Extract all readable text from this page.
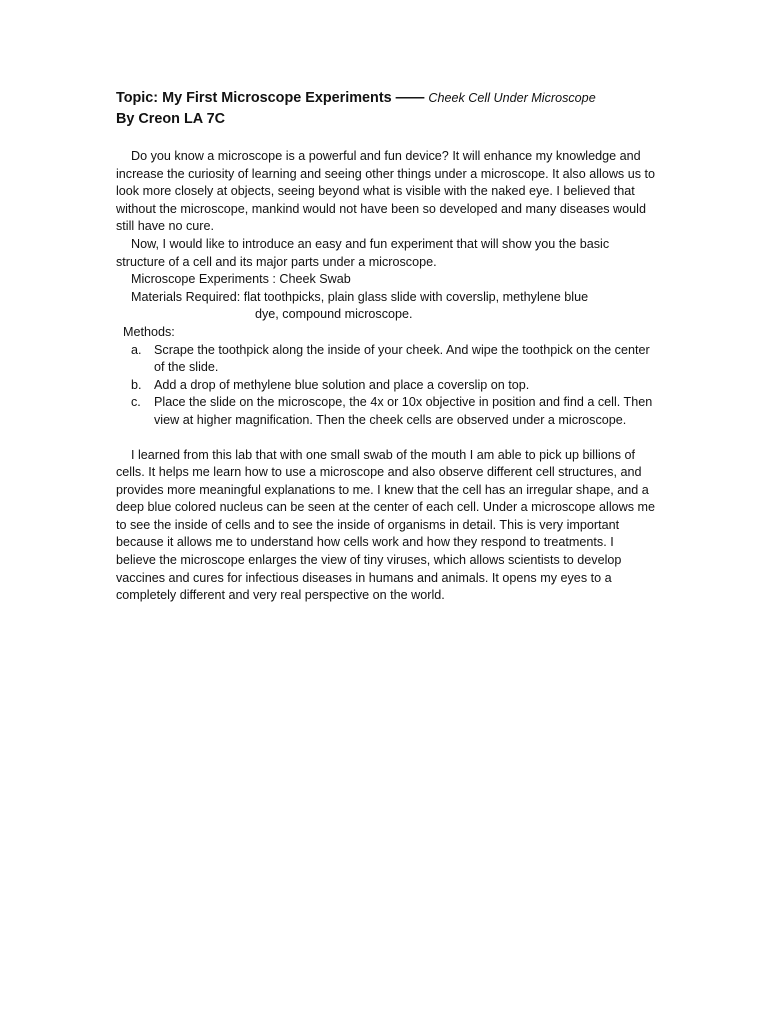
Topic: My First Microscope Experiments —— Cheek Cell Under Microscope
By Creon LA 7C

Do you know a microscope is a powerful and fun device? It will enhance my knowledge and increase the curiosity of learning and seeing other things under a microscope. It also allows us to look more closely at objects, seeing beyond what is visible with the naked eye. I believed that without the microscope, mankind would not have been so developed and many diseases would still have no cure.

Now, I would like to introduce an easy and fun experiment that will show you the basic structure of a cell and its major parts under a microscope.

Microscope Experiments : Cheek Swab

Materials Required: flat toothpicks, plain glass slide with coverslip, methylene blue
dye, compound microscope.

Methods:

a. Scrape the toothpick along the inside of your cheek. And wipe the toothpick on the center of the slide.
b. Add a drop of methylene blue solution and place a coverslip on top.
c. Place the slide on the microscope, the 4x or 10x objective in position and find a cell. Then view at higher magnification. Then the cheek cells are observed under a microscope.

I learned from this lab that with one small swab of the mouth I am able to pick up billions of cells. It helps me learn how to use a microscope and also observe different cell structures, and provides more meaningful explanations to me. I knew that the cell has an irregular shape, and a deep blue colored nucleus can be seen at the center of each cell. Under a microscope allows me to see the inside of cells and to see the inside of organisms in detail. This is very important because it allows me to understand how cells work and how they respond to treatments. I believe the microscope enlarges the view of tiny viruses, which allows scientists to develop vaccines and cures for infectious diseases in humans and animals. It opens my eyes to a completely different and very real perspective on the world.
